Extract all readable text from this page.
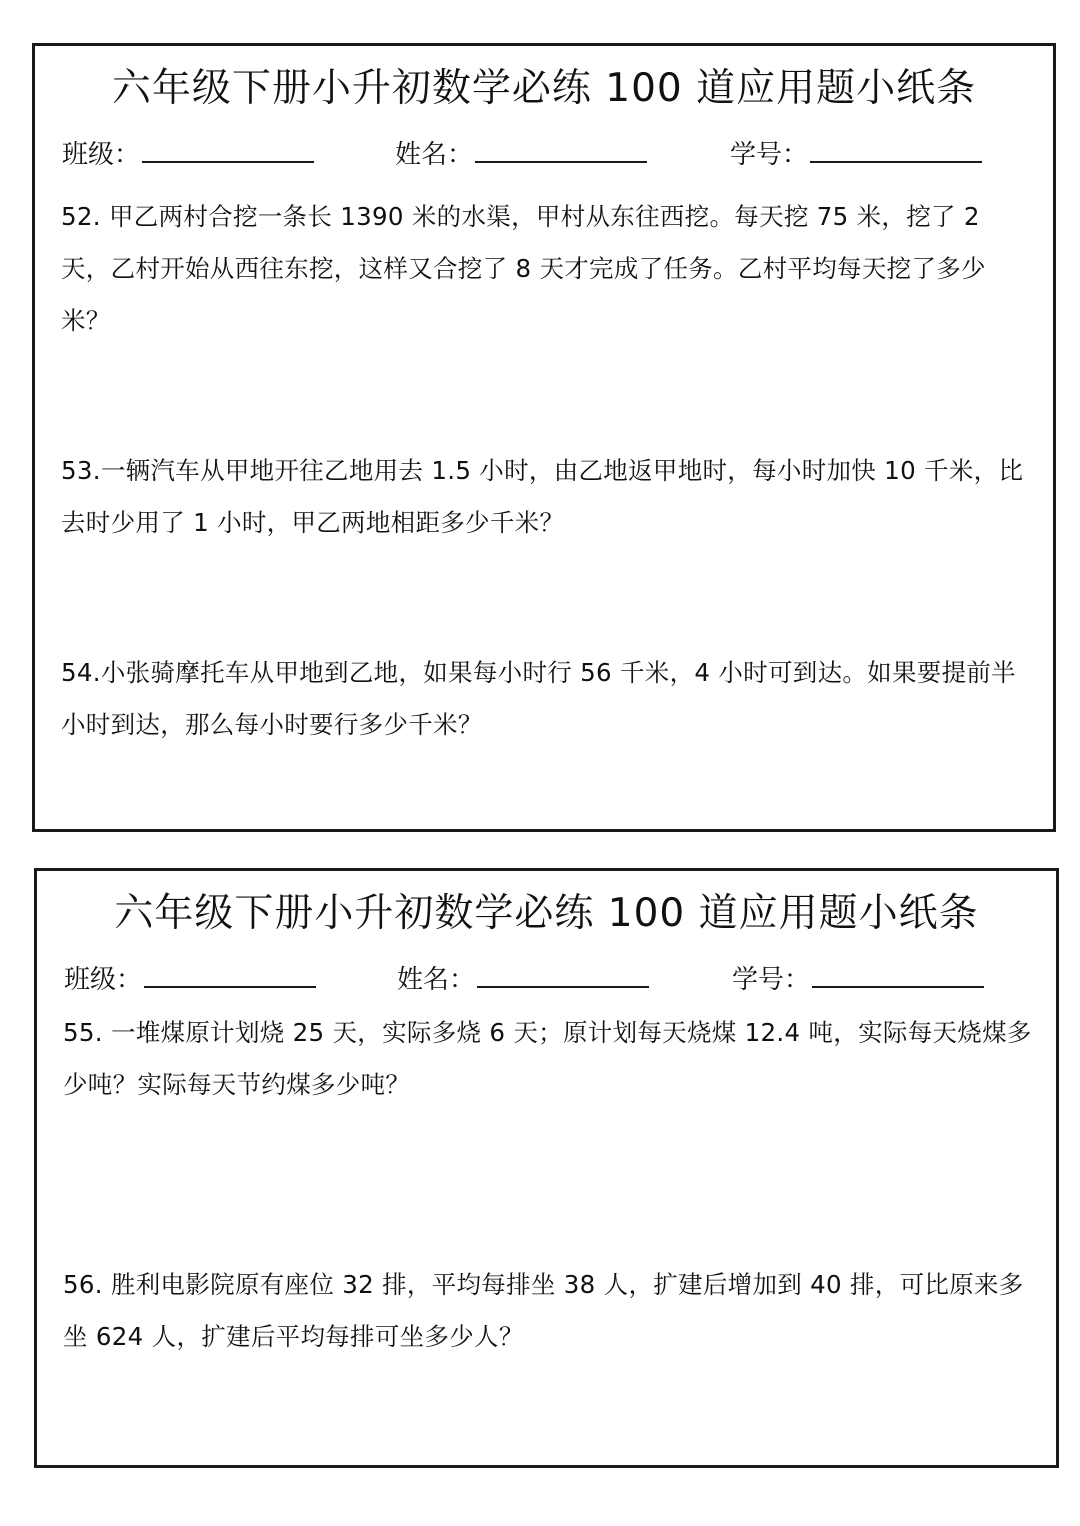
六年级下册小升初数学必练 100 道应用题小纸条
班级：	姓名：	学号：
52. 甲乙两村合挖一条长 1390 米的水渠，甲村从东往西挖。每天挖 75 米，挖了 2 天，乙村开始从西往东挖，这样又合挖了 8 天才完成了任务。乙村平均每天挖了多少米？
53.一辆汽车从甲地开往乙地用去 1.5 小时，由乙地返甲地时，每小时加快 10 千米，比去时少用了 1 小时，甲乙两地相距多少千米？
54.小张骑摩托车从甲地到乙地，如果每小时行 56 千米，4 小时可到达。如果要提前半小时到达，那么每小时要行多少千米？
六年级下册小升初数学必练 100 道应用题小纸条
班级：	姓名：	学号：
55. 一堆煤原计划烧 25 天，实际多烧 6 天；原计划每天烧煤 12.4 吨，实际每天烧煤多少吨？实际每天节约煤多少吨？
56. 胜利电影院原有座位 32 排，平均每排坐 38 人，扩建后增加到 40 排，可比原来多坐 624 人，扩建后平均每排可坐多少人？
